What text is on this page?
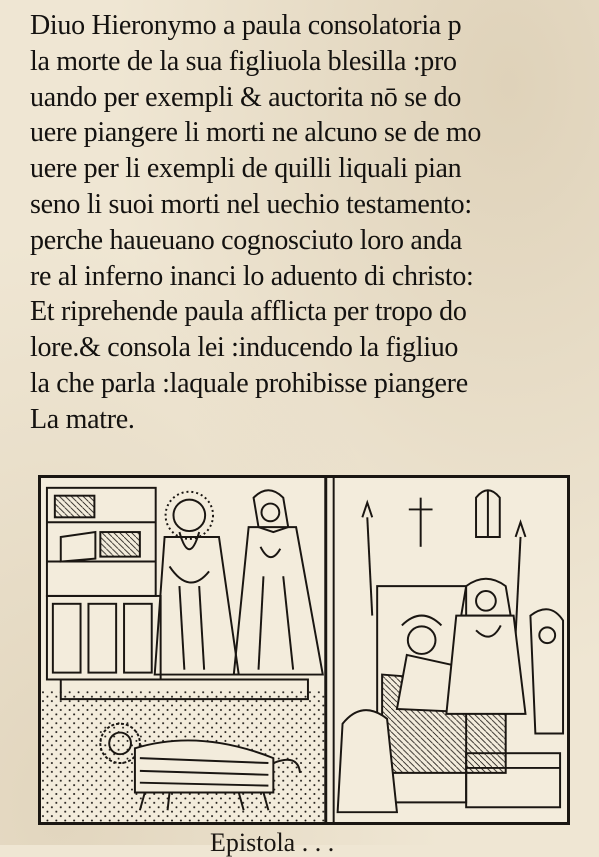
Diuo Hieronymo a paula consolatoria p
la morte de la sua figliuola blesilla :pro
uando per exempli & auctorita nō se do
uere piangere li morti ne alcuno se de mo
uere per li exempli de quilli liquali pian
seno li suoi morti nel uechio testamento:
perche haueuano cognosciuto loro anda
re al inferno inanci lo aduento di christo:
Et riprehende paula afflicta per tropo do
lore.& consola lei :inducendo la figliuo
la che parla :laquale prohibisse piangere
La matre.
Epistola . . .
